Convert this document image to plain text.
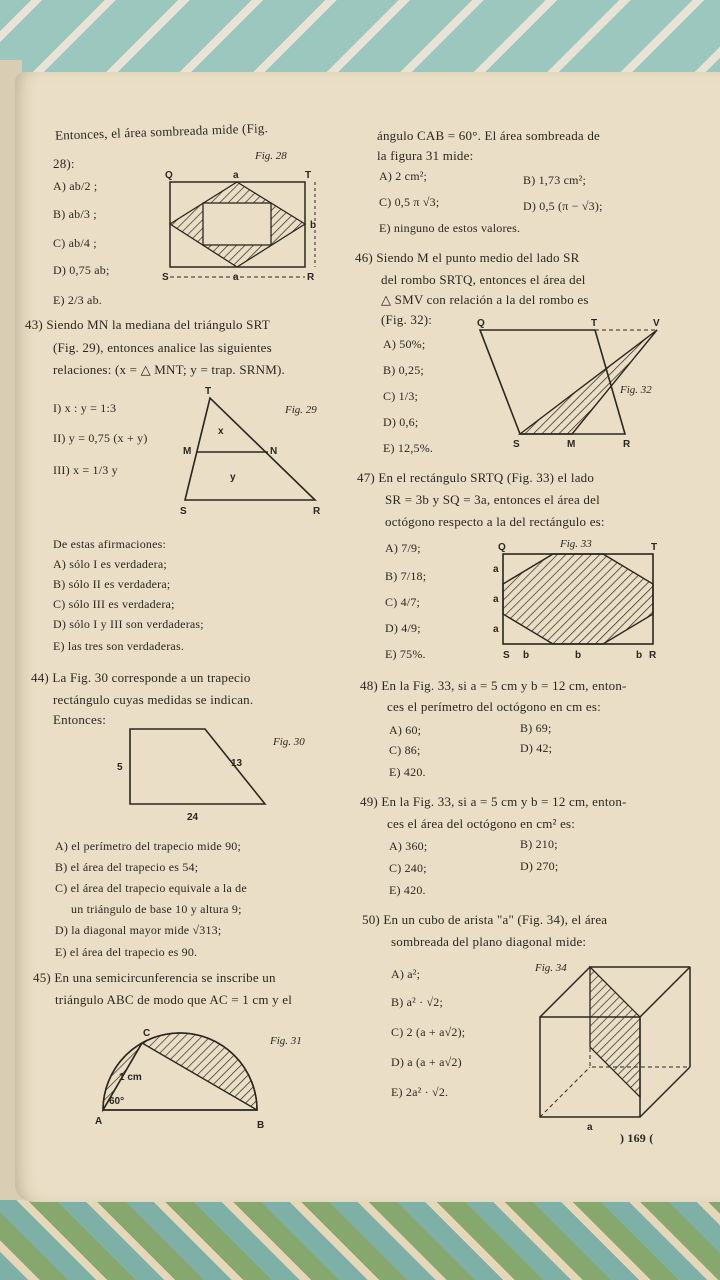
Entonces, el área sombreada mide (Fig.
28):	Fig. 28
A) ab/2 ;
B) ab/3 ;
C) ab/4 ;
D) 0,75 ab;
E) 2/3 ab.
Q	a	T
b
S	a	R
43) Siendo MN la mediana del triángulo SRT
(Fig. 29), entonces analice las siguientes
relaciones: (x = △ MNT; y = trap. SRNM).
I) x : y = 1:3
II) y = 0,75 (x + y)
III) x = 1/3 y
Fig. 29
T
x
M	N
y
S	R
De estas afirmaciones:
A) sólo I es verdadera;
B) sólo II es verdadera;
C) sólo III es verdadera;
D) sólo I y III son verdaderas;
E) las tres son verdaderas.
44) La Fig. 30 corresponde a un trapecio
rectángulo cuyas medidas se indican.
Entonces:
Fig. 30
5	13
24
A) el perímetro del trapecio mide 90;
B) el área del trapecio es 54;
C) el área del trapecio equivale a la de
un triángulo de base 10 y altura 9;
D) la diagonal mayor mide √313;
E) el área del trapecio es 90.
45) En una semicircunferencia se inscribe un
triángulo ABC de modo que AC = 1 cm y el
Fig. 31
C
1 cm
60°
A	B
ángulo CAB = 60°. El área sombreada de
la figura 31 mide:
A) 2 cm²;	B) 1,73 cm²;
C) 0,5 π √3;	D) 0,5 (π − √3);
E) ninguno de estos valores.
46) Siendo M el punto medio del lado SR
del rombo SRTQ, entonces el área del
△ SMV con relación a la del rombo es
(Fig. 32):
A) 50%;
B) 0,25;
C) 1/3;
D) 0,6;
E) 12,5%.
Fig. 32
Q	T	V
S	M	R
47) En el rectángulo SRTQ (Fig. 33) el lado
SR = 3b y SQ = 3a, entonces el área del
octógono respecto a la del rectángulo es:
A) 7/9;
B) 7/18;
C) 4/7;
D) 4/9;
E) 75%.
Fig. 33
Q	T
a
a
a
S b	b	b R
48) En la Fig. 33, si a = 5 cm y b = 12 cm, enton-
ces el perímetro del octógono en cm es:
A) 60;	B) 69;
C) 86;	D) 42;
E) 420.
49) En la Fig. 33, si a = 5 cm y b = 12 cm, enton-
ces el área del octógono en cm² es:
A) 360;	B) 210;
C) 240;	D) 270;
E) 420.
50) En un cubo de arista "a" (Fig. 34), el área
sombreada del plano diagonal mide:
A) a²;
B) a² · √2;
C) 2 (a + a√2);
D) a (a + a√2)
E) 2a² · √2.
Fig. 34
a
) 169 (
